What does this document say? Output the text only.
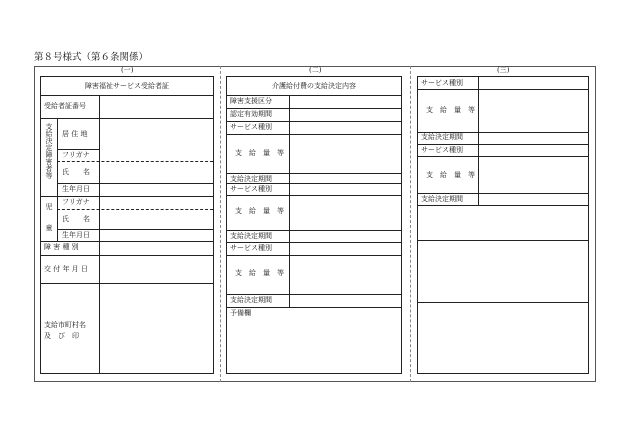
第８号様式（第６条関係）
(一)	(二)	(三)
障害福祉サービス受給者証
受給者証番号
支給決定障害者等 居 住 地
フリガナ
氏　　名
生年月日
児　　童
フリガナ
氏　　名
生年月日
障 害 種 別
交 付 年 月 日
支給市町村名
及　び　印
介護給付費の支給決定内容
障害支援区分
認定有効期間
サービス種別
支　給　量　等
支給決定期間
サービス種別
支　給　量　等
支給決定期間
サービス種別
支　給　量　等
支給決定期間
予備欄
サービス種別
支　給　量　等
支給決定期間
サービス種別
支　給　量　等
支給決定期間
